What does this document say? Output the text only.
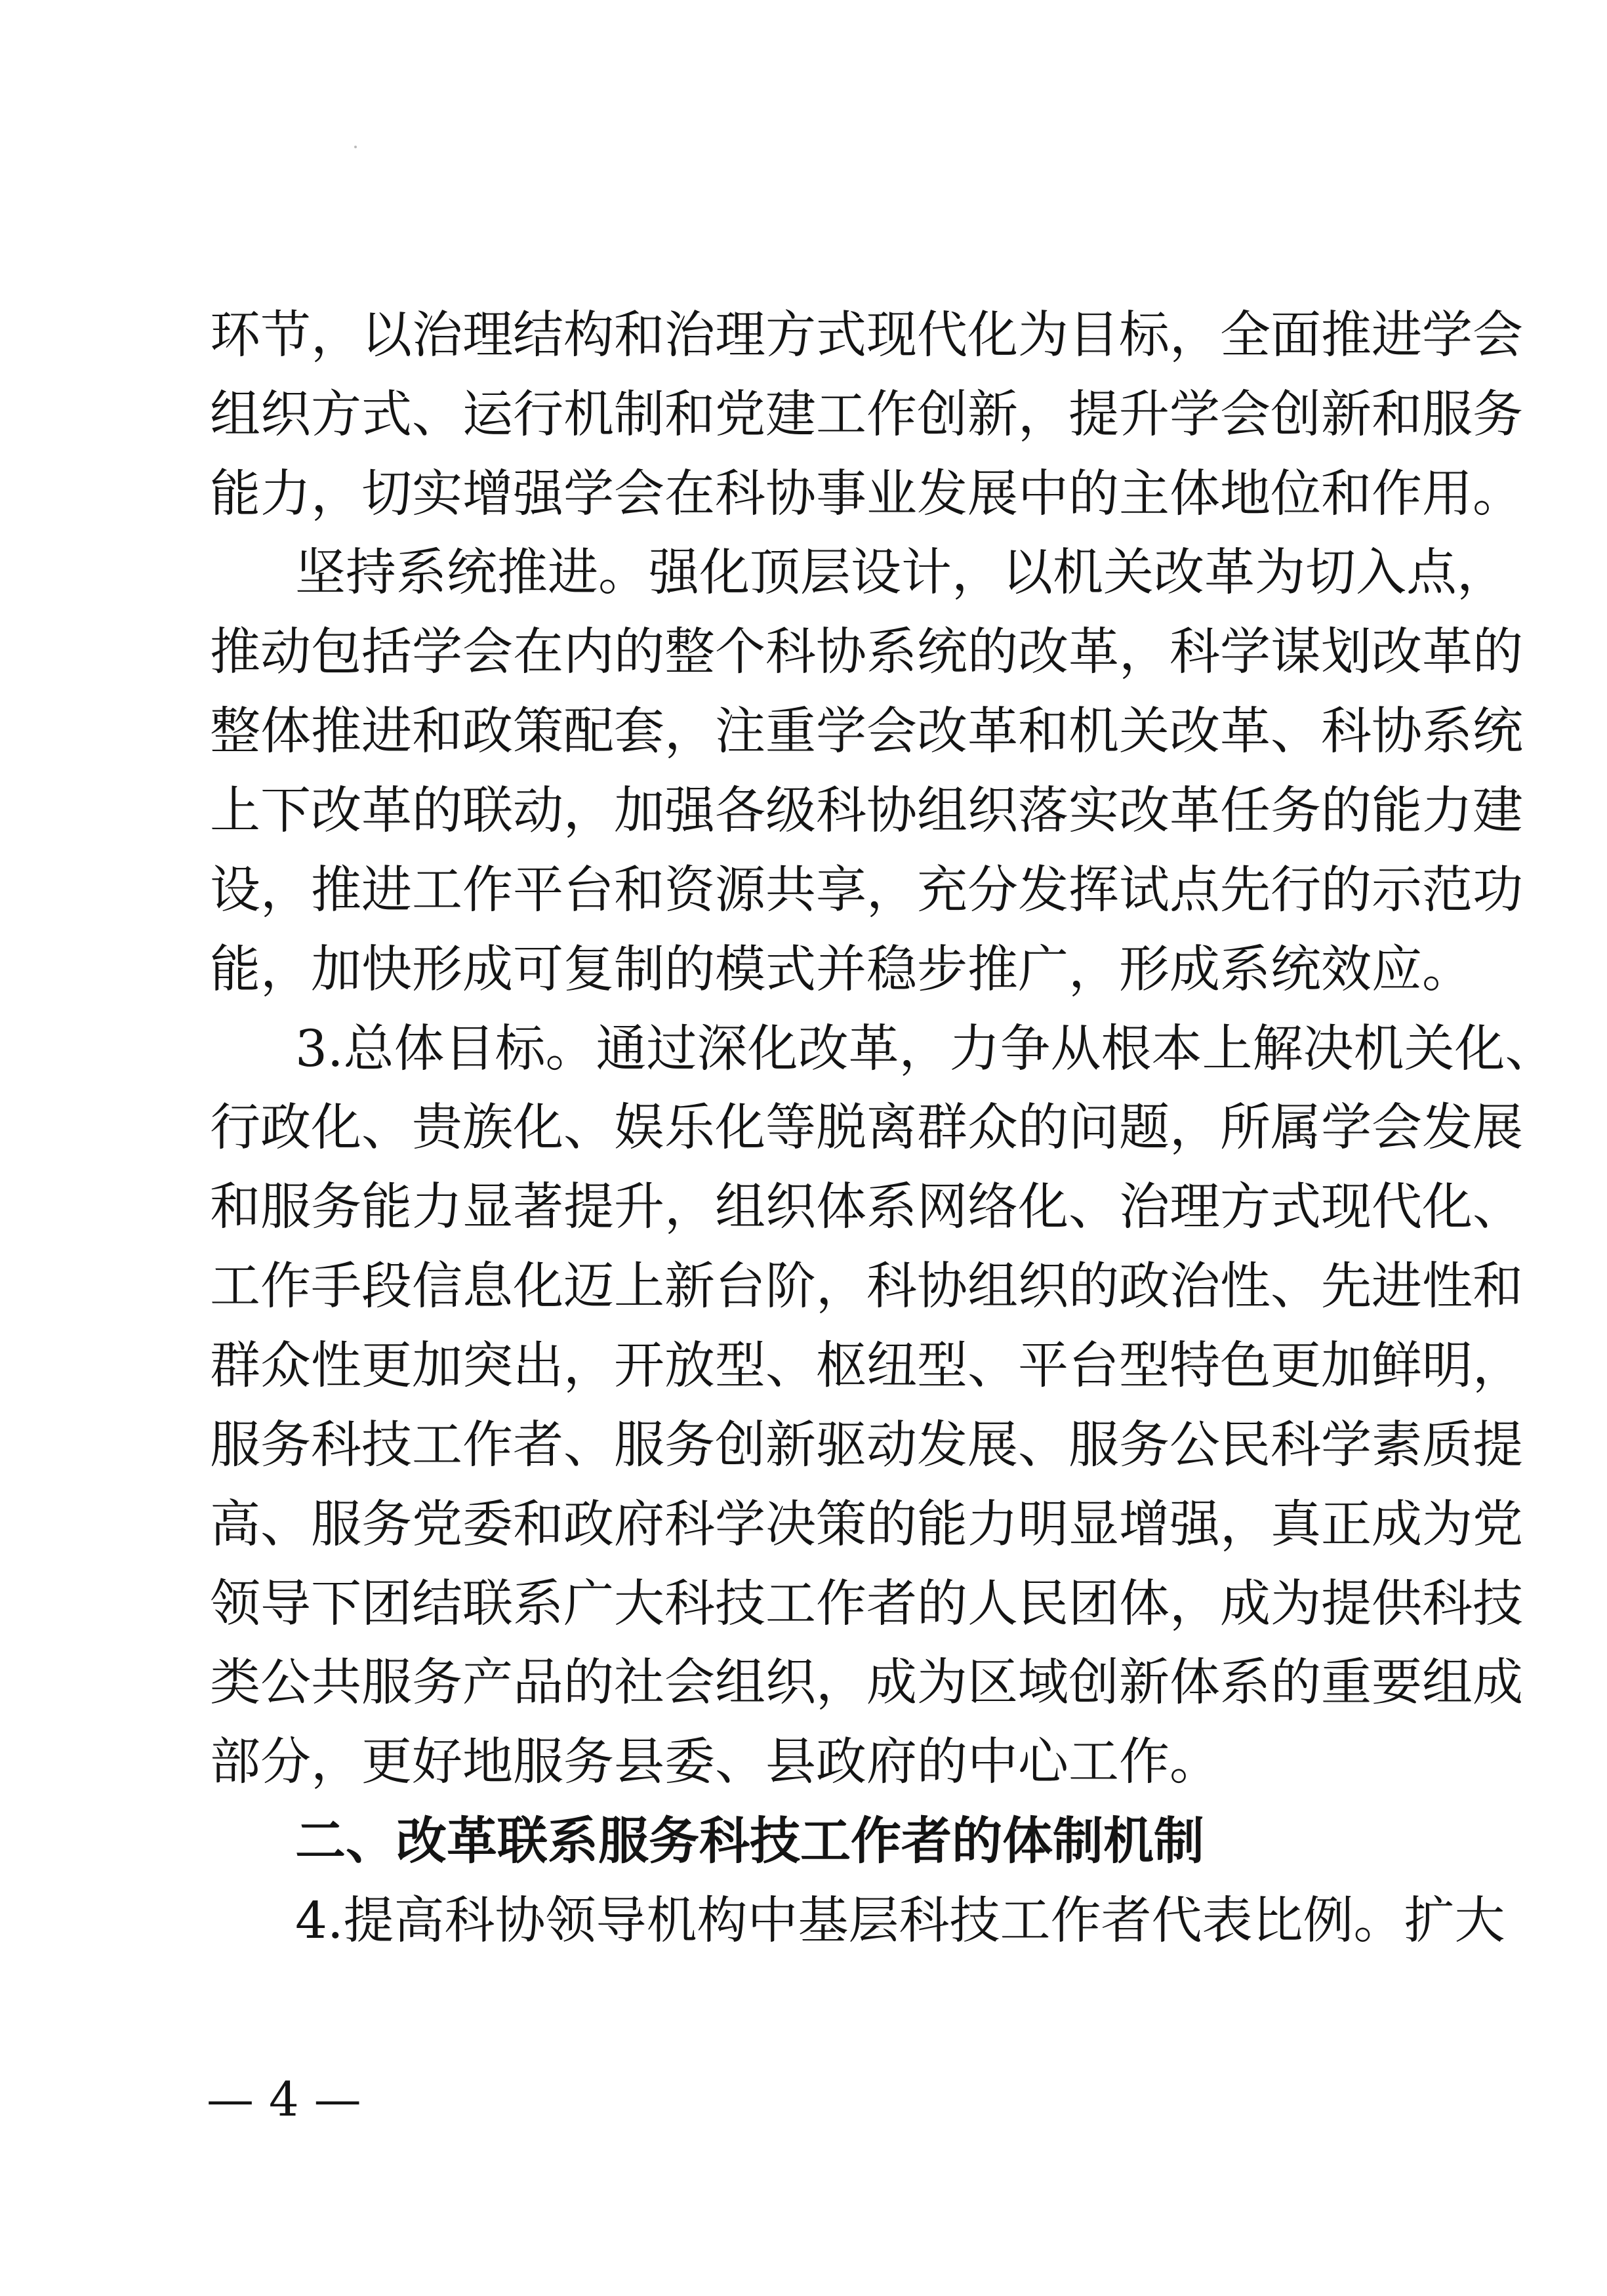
环节，以治理结构和治理方式现代化为目标，全面推进学会
组织方式、运行机制和党建工作创新，提升学会创新和服务
能力，切实增强学会在科协事业发展中的主体地位和作用。
坚持系统推进。强化顶层设计，以机关改革为切入点，
推动包括学会在内的整个科协系统的改革，科学谋划改革的
整体推进和政策配套，注重学会改革和机关改革、科协系统
上下改革的联动，加强各级科协组织落实改革任务的能力建
设，推进工作平台和资源共享，充分发挥试点先行的示范功
能，加快形成可复制的模式并稳步推广，形成系统效应。
3.总体目标。通过深化改革，力争从根本上解决机关化、
行政化、贵族化、娱乐化等脱离群众的问题，所属学会发展
和服务能力显著提升，组织体系网络化、治理方式现代化、
工作手段信息化迈上新台阶，科协组织的政治性、先进性和
群众性更加突出，开放型、枢纽型、平台型特色更加鲜明，
服务科技工作者、服务创新驱动发展、服务公民科学素质提
高、服务党委和政府科学决策的能力明显增强，真正成为党
领导下团结联系广大科技工作者的人民团体，成为提供科技
类公共服务产品的社会组织，成为区域创新体系的重要组成
部分，更好地服务县委、县政府的中心工作。
二、改革联系服务科技工作者的体制机制
4.提高科协领导机构中基层科技工作者代表比例。扩大
— 4 —
